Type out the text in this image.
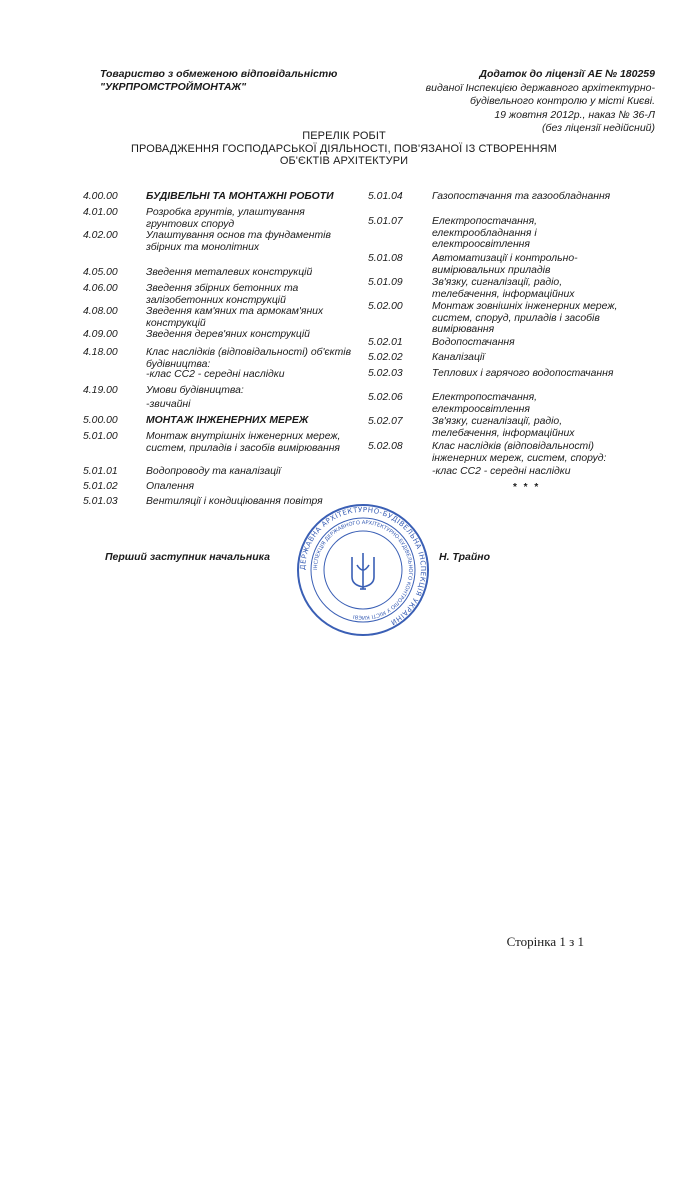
Товариство з обмеженою відповідальністю
"УКРПРОМСТРОЙМОНТАЖ"
Додаток до ліцензії АЕ № 180259
виданої Інспекцією державного архітектурно-
будівельного контролю у місті Києві.
19 жовтня 2012р., наказ № 36-Л
(без ліцензії недійсний)
ПЕРЕЛІК РОБІТ
ПРОВАДЖЕННЯ ГОСПОДАРСЬКОЇ ДІЯЛЬНОСТІ, ПОВ'ЯЗАНОЇ ІЗ СТВОРЕННЯМ
ОБ'ЄКТІВ АРХІТЕКТУРИ
4.00.00	БУДІВЕЛЬНІ ТА МОНТАЖНІ РОБОТИ
4.01.00	Розробка грунтів, улаштування грунтових споруд
4.02.00	Улаштування основ та фундаментів збірних та монолітних
4.05.00	Зведення металевих конструкцій
4.06.00	Зведення збірних бетонних та залізобетонних конструкцій
4.08.00	Зведення кам'яних та армокам'яних конструкцій
4.09.00	Зведення дерев'яних конструкцій
4.18.00	Клас наслідків (відповідальності) об'єктів будівництва:
-клас СС2 - середні наслідки
4.19.00	Умови будівництва:
-звичайні
5.00.00	МОНТАЖ ІНЖЕНЕРНИХ МЕРЕЖ
5.01.00	Монтаж внутрішніх інженерних мереж, систем, приладів і засобів вимірювання
5.01.01	Водопроводу та каналізації
5.01.02	Опалення
5.01.03	Вентиляції і кондиціювання повітря
5.01.04	Газопостачання та газообладнання
5.01.07	Електропостачання, електрообладнання і електроосвітлення
5.01.08	Автоматизації і контрольно-вимірювальних приладів
5.01.09	Зв'язку, сигналізації, радіо, телебачення, інформаційних
5.02.00	Монтаж зовнішніх інженерних мереж, систем, споруд, приладів і засобів вимірювання
5.02.01	Водопостачання
5.02.02	Каналізації
5.02.03	Теплових і гарячого водопостачання
5.02.06	Електропостачання, електроосвітлення
5.02.07	Зв'язку, сигналізації, радіо, телебачення, інформаційних
5.02.08	Клас наслідків (відповідальності) інженерних мереж, систем, споруд:
-клас СС2 - середні наслідки
* * *
Перший заступник начальника	Н. Трайно
ДЕРЖАВНА АРХІТЕКТУРНО-БУДІВЕЛЬНА ІНСПЕКЦІЯ УКРАЇНИ
ІНСПЕКЦІЯ ДЕРЖАВНОГО АРХІТЕКТУРНО-БУДІВЕЛЬНОГО КОНТРОЛЮ У МІСТІ КИЄВІ
Сторінка 1 з 1
